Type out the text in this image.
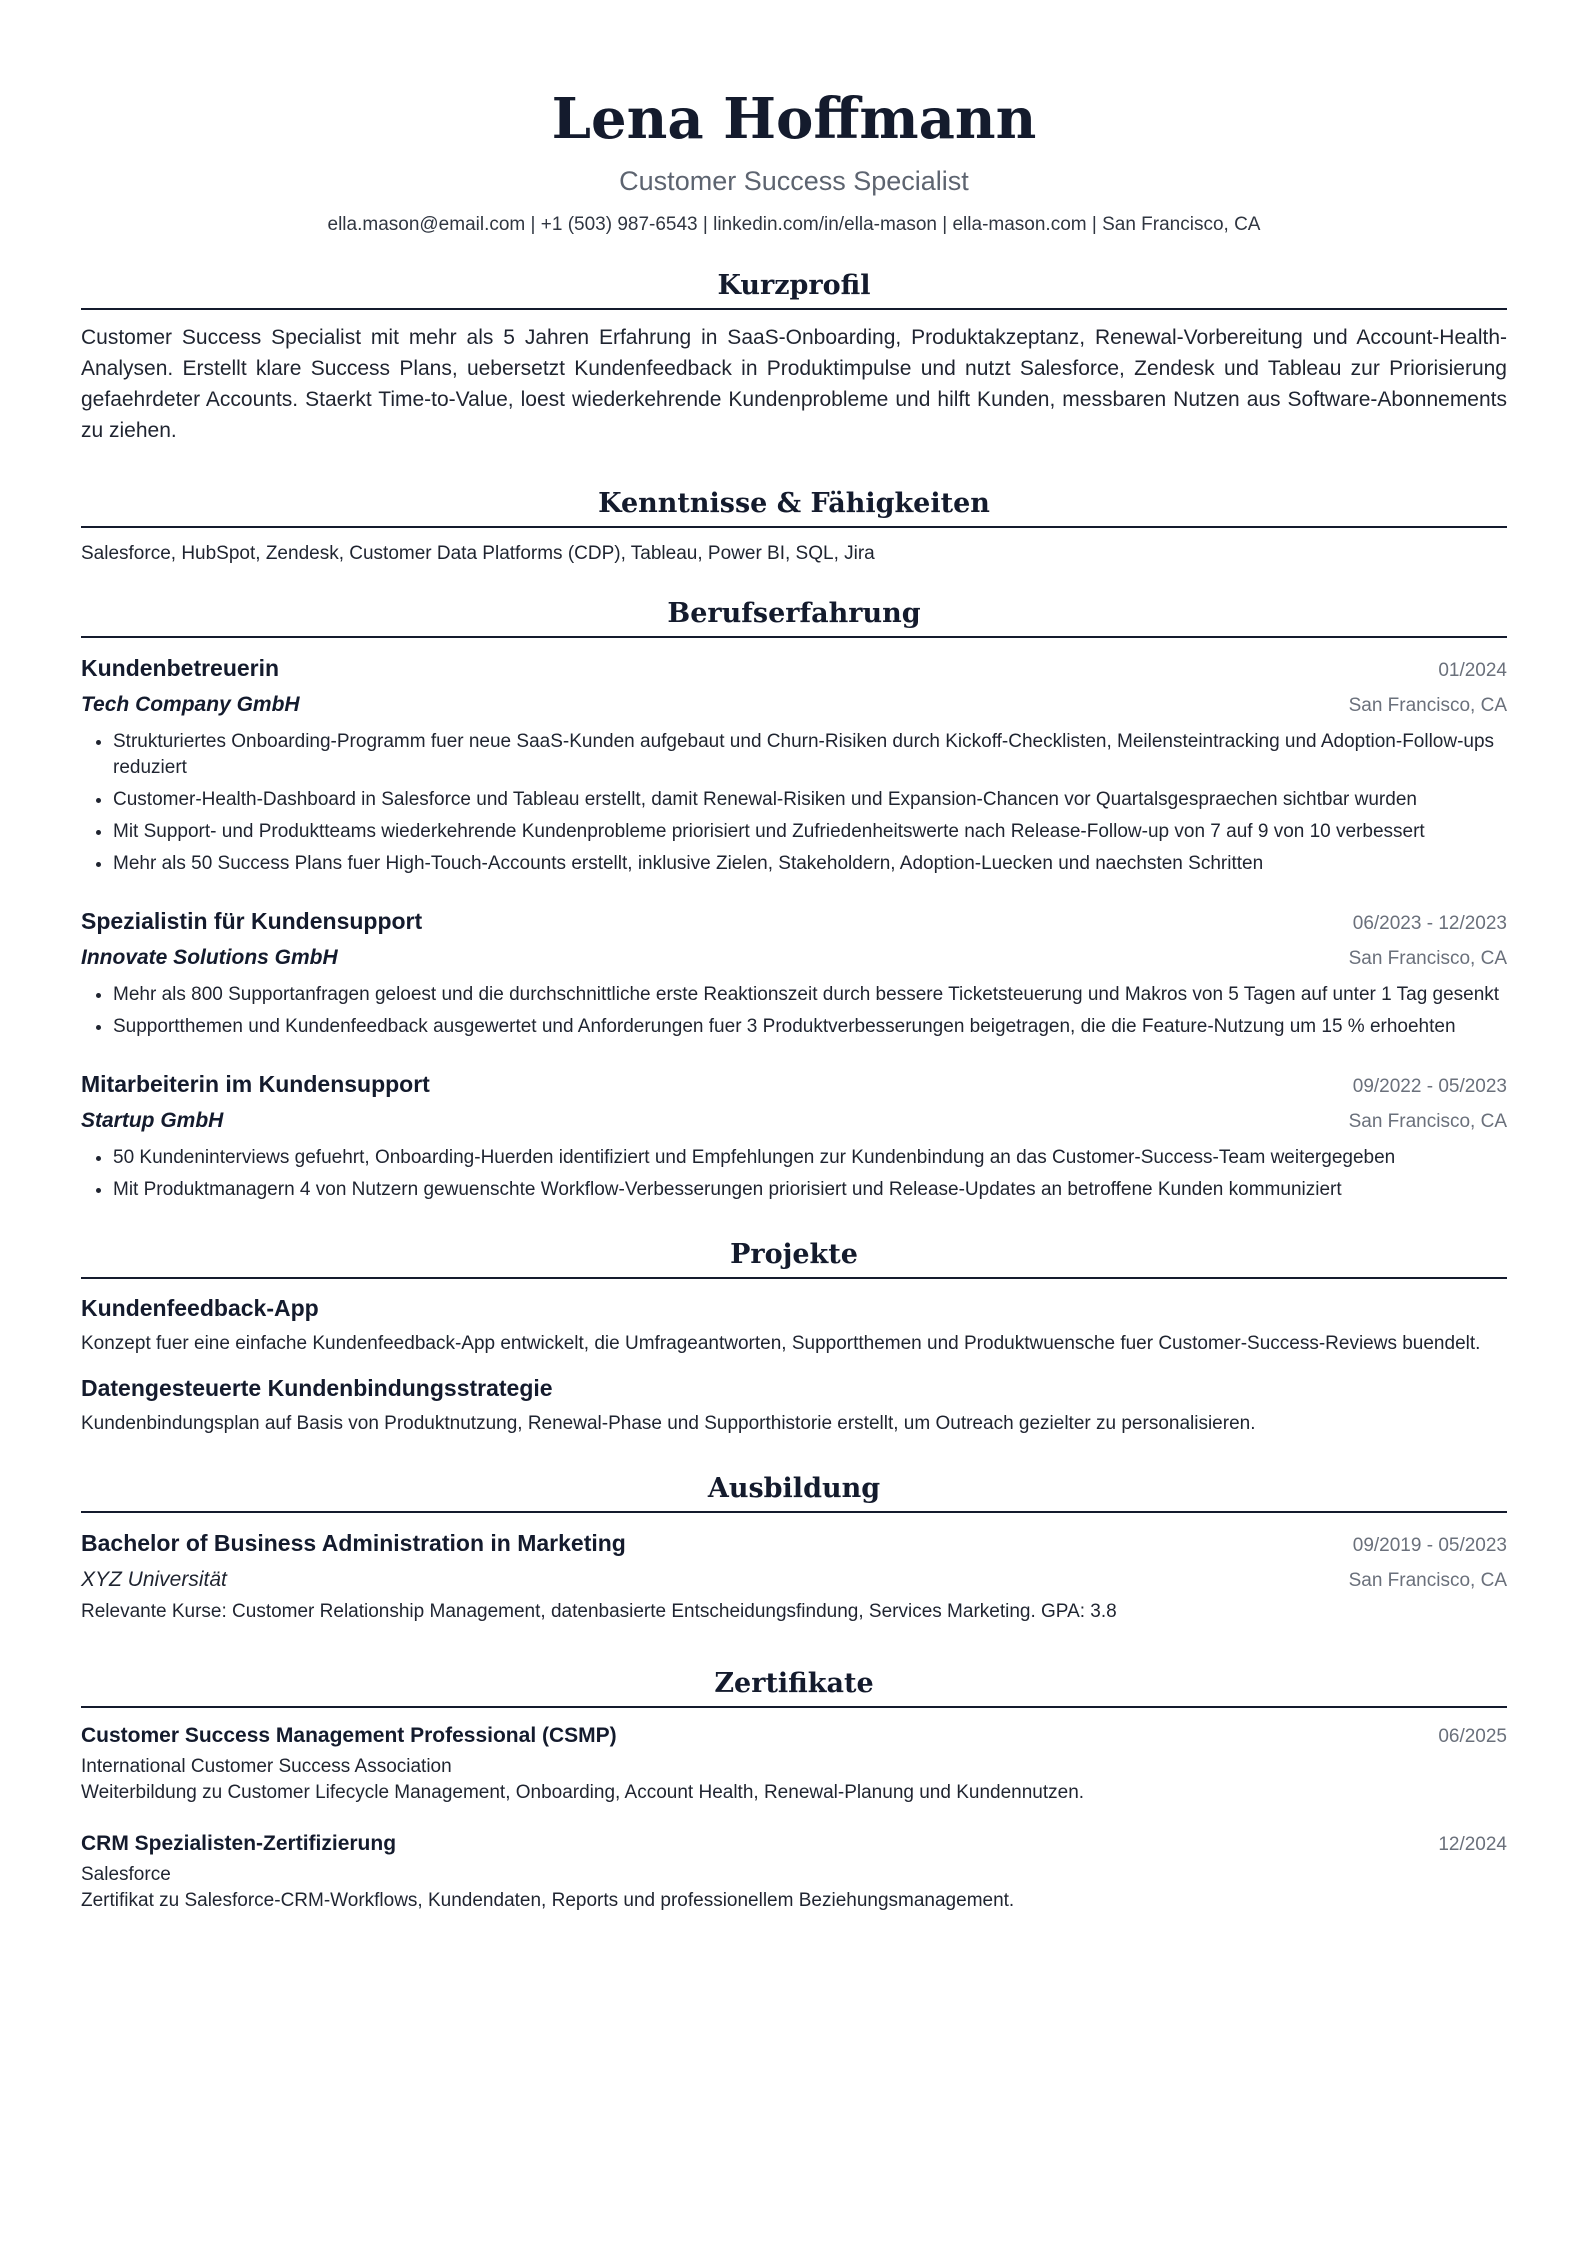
Lena Hoffmann
Customer Success Specialist
ella.mason@email.com | +1 (503) 987-6543 | linkedin.com/in/ella-mason | ella-mason.com | San Francisco, CA
Kurzprofil

Customer Success Specialist mit mehr als 5 Jahren Erfahrung in SaaS-Onboarding, Produktakzeptanz, Renewal-Vorbereitung und Account-Health-Analysen. Erstellt klare Success Plans, uebersetzt Kundenfeedback in Produktimpulse und nutzt Salesforce, Zendesk und Tableau zur Priorisierung gefaehrdeter Accounts. Staerkt Time-to-Value, loest wiederkehrende Kundenprobleme und hilft Kunden, messbaren Nutzen aus Software-Abonnements zu ziehen.

Kenntnisse & Fähigkeiten
Salesforce, HubSpot, Zendesk, Customer Data Platforms (CDP), Tableau, Power BI, SQL, Jira
Berufserfahrung
Kundenbetreuerin	01/2024
Tech Company GmbH	San Francisco, CA
• Strukturiertes Onboarding-Programm fuer neue SaaS-Kunden aufgebaut und Churn-Risiken durch Kickoff-Checklisten, Meilensteintracking und Adoption-Follow-ups reduziert
• Customer-Health-Dashboard in Salesforce und Tableau erstellt, damit Renewal-Risiken und Expansion-Chancen vor Quartalsgespraechen sichtbar wurden
• Mit Support- und Produktteams wiederkehrende Kundenprobleme priorisiert und Zufriedenheitswerte nach Release-Follow-up von 7 auf 9 von 10 verbessert
• Mehr als 50 Success Plans fuer High-Touch-Accounts erstellt, inklusive Zielen, Stakeholdern, Adoption-Luecken und naechsten Schritten
Spezialistin für Kundensupport	06/2023 - 12/2023
Innovate Solutions GmbH	San Francisco, CA
• Mehr als 800 Supportanfragen geloest und die durchschnittliche erste Reaktionszeit durch bessere Ticketsteuerung und Makros von 5 Tagen auf unter 1 Tag gesenkt
• Supportthemen und Kundenfeedback ausgewertet und Anforderungen fuer 3 Produktverbesserungen beigetragen, die die Feature-Nutzung um 15 % erhoehten
Mitarbeiterin im Kundensupport	09/2022 - 05/2023
Startup GmbH	San Francisco, CA
• 50 Kundeninterviews gefuehrt, Onboarding-Huerden identifiziert und Empfehlungen zur Kundenbindung an das Customer-Success-Team weitergegeben
• Mit Produktmanagern 4 von Nutzern gewuenschte Workflow-Verbesserungen priorisiert und Release-Updates an betroffene Kunden kommuniziert
Projekte
Kundenfeedback-App
Konzept fuer eine einfache Kundenfeedback-App entwickelt, die Umfrageantworten, Supportthemen und Produktwuensche fuer Customer-Success-Reviews buendelt.
Datengesteuerte Kundenbindungsstrategie
Kundenbindungsplan auf Basis von Produktnutzung, Renewal-Phase und Supporthistorie erstellt, um Outreach gezielter zu personalisieren.
Ausbildung
Bachelor of Business Administration in Marketing	09/2019 - 05/2023
XYZ Universität	San Francisco, CA
Relevante Kurse: Customer Relationship Management, datenbasierte Entscheidungsfindung, Services Marketing. GPA: 3.8
Zertifikate
Customer Success Management Professional (CSMP)	06/2025
International Customer Success Association
Weiterbildung zu Customer Lifecycle Management, Onboarding, Account Health, Renewal-Planung und Kundennutzen.
CRM Spezialisten-Zertifizierung	12/2024
Salesforce
Zertifikat zu Salesforce-CRM-Workflows, Kundendaten, Reports und professionellem Beziehungsmanagement.
